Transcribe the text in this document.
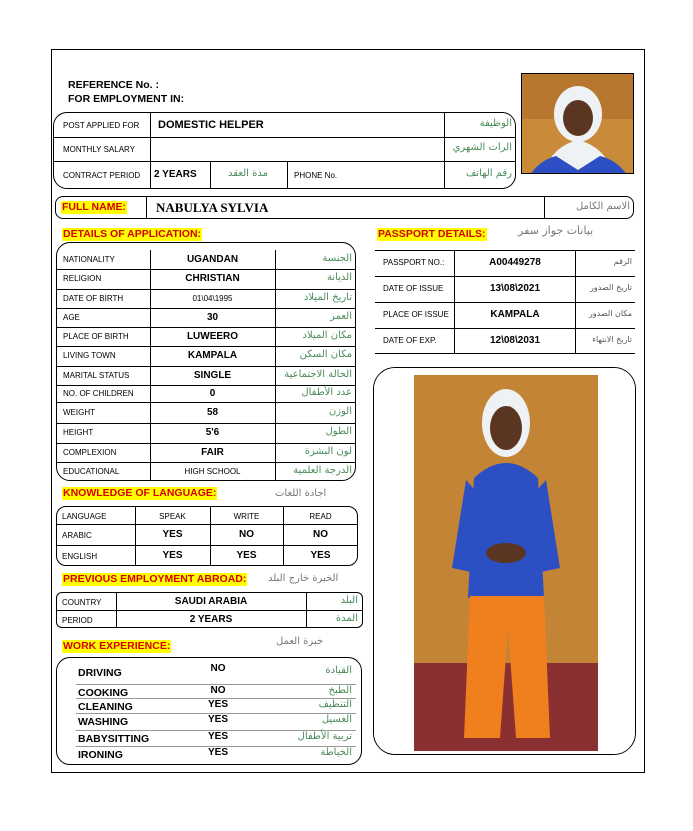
REFERENCE No. :
FOR EMPLOYMENT IN:
POST APPLIED FOR DOMESTIC HELPER	الوظيفة
MONTHLY SALARY	الرات الشهري
CONTRACT PERIOD 2 YEARS	مدة العقد	PHONE No.	رقم الهاتف
FULL NAME: NABULYA SYLVIA	الاسم الكامل
DETAILS OF APPLICATION:
NATIONALITY	UGANDAN	الجنسة
RELIGION	CHRISTIAN	الديانة
DATE OF BIRTH	01\04\1995	تاريخ الميلاد
AGE	30	العمر
PLACE OF BIRTH	LUWEERO	مكان الميلاد
LIVING TOWN	KAMPALA	مكان السكن
MARITAL STATUS	SINGLE	الحالة الاجتماعية
NO. OF CHILDREN	0	عدد الأطفال
WEIGHT	58	الوزن
HEIGHT	5'6	الطول
COMPLEXION	FAIR	لون البشرة
EDUCATIONAL	HIGH SCHOOL	الدرجة العلمية
PASSPORT DETAILS:	بيانات جواز سفر
PASSPORT NO.:	A00449278	الرقم
DATE OF ISSUE	13\08\2021	تاريخ الصدور
PLACE OF ISSUE	KAMPALA	مكان الصدور
DATE OF EXP.	12\08\2031	تاريخ الانتهاء
KNOWLEDGE OF LANGUAGE:	اجادة اللغات
LANGUAGE	SPEAK	WRITE	READ
ARABIC	YES	NO	NO
ENGLISH	YES	YES	YES
PREVIOUS EMPLOYMENT ABROAD: الخبرة خارج البلد
COUNTRY	SAUDI ARABIA	البلد
PERIOD	2 YEARS	المدة
WORK EXPERIENCE:	خبرة العمل
DRIVING	NO	القيادة
COOKING	NO	الطبخ
CLEANING	YES	التنظيف
WASHING	YES	الغسيل
BABYSITTING	YES	تربية الأطفال
IRONING	YES	الخياطة
